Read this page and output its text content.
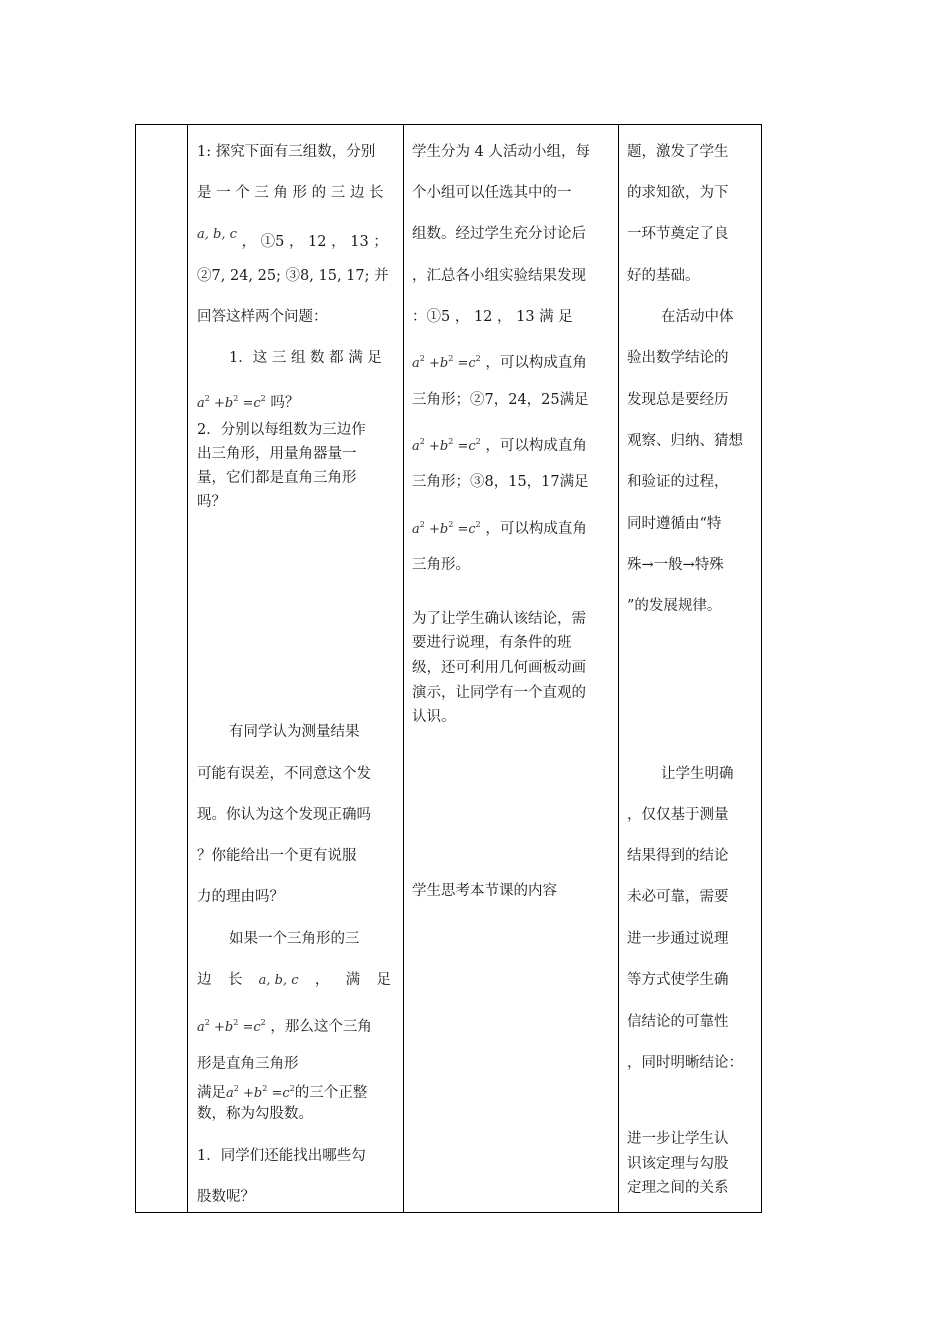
1: 探究下面有三组数，分别
是 一 个 三 角 形 的 三 边 长
a, b, c ， ①5 ， 12 ， 13 ；
②7, 24, 25; ③8, 15, 17; 并
回答这样两个问题：
1．这 三 组 数 都 满 足
$a^2 +b^2 =c^2$ 吗？
2．分别以每组数为三边作
出三角形，用量角器量一
量，它们都是直角三角形
吗？
有同学认为测量结果
可能有误差，不同意这个发
现。你认为这个发现正确吗
？你能给出一个更有说服
力的理由吗？
如果一个三角形的三
边 长 a, b, c ， 满 足
$a^2 +b^2 =c^2$ ，那么这个三角
形是直角三角形
满足$a^2 +b^2 =c^2$的三个正整
数，称为勾股数。
1．同学们还能找出哪些勾
股数呢？
学生分为 4 人活动小组，每
个小组可以任选其中的一
组数。经过学生充分讨论后
，汇总各小组实验结果发现
：①5 ， 12 ， 13 满 足
$a^2 +b^2 =c^2$ ，可以构成直角
三角形；②7，24，25满足
$a^2 +b^2 =c^2$ ，可以构成直角
三角形；③8，15，17满足
$a^2 +b^2 =c^2$ ，可以构成直角
三角形。
为了让学生确认该结论，需
要进行说理，有条件的班
级，还可利用几何画板动画
演示，让同学有一个直观的
认识。
学生思考本节课的内容
题，激发了学生
的求知欲，为下
一环节奠定了良
好的基础。
在活动中体
验出数学结论的
发现总是要经历
观察、归纳、猜想
和验证的过程，
同时遵循由“特
殊→一般→特殊
”的发展规律。
让学生明确
，仅仅基于测量
结果得到的结论
未必可靠，需要
进一步通过说理
等方式使学生确
信结论的可靠性
，同时明晰结论：
进一步让学生认
识该定理与勾股
定理之间的关系
